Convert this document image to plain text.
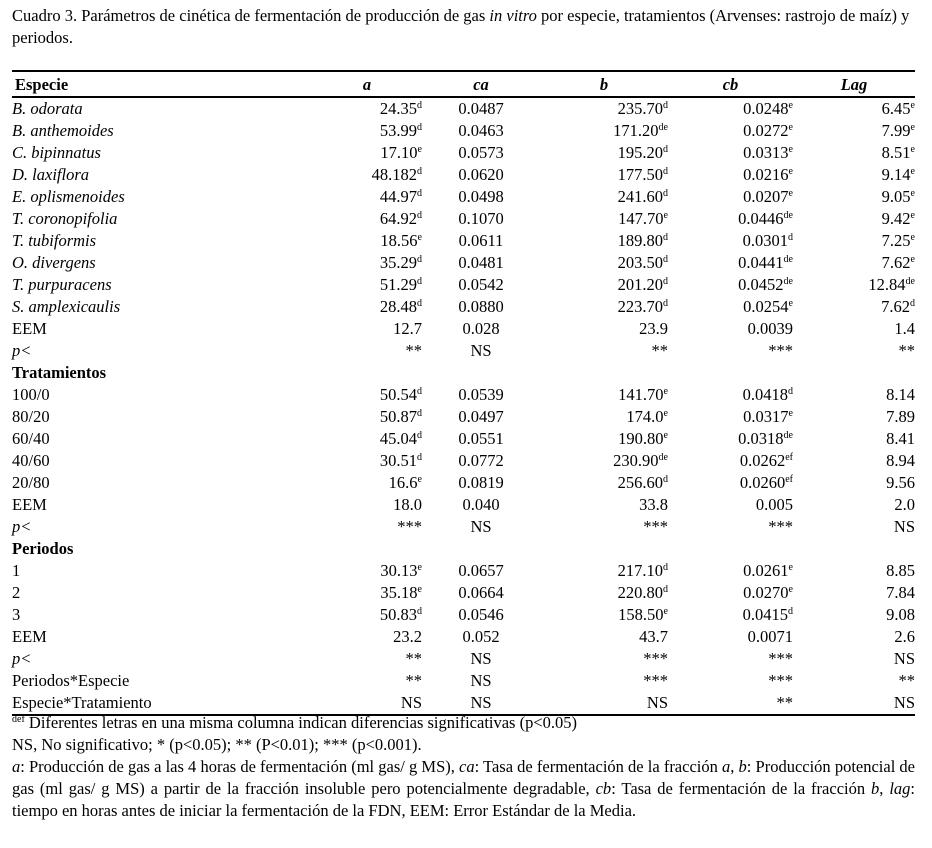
Cuadro 3. Parámetros de cinética de fermentación de producción de gas in vitro por especie, tratamientos (Arvenses: rastrojo de maíz) y periodos.
Especie	a	ca	b	cb	Lag
B. odorata	24.35$^d$	0.0487	235.70$^d$	0.0248e	6.45e
B. anthemoides	53.99$^d$	0.0463	171.20de	0.0272e	7.99e
C. bipinnatus	17.10e	0.0573	195.20$^d$	0.0313e	8.51e
D. laxiflora	48.182$^d$	0.0620	177.50$^d$	0.0216e	9.14e
E. oplismenoides	44.97$^d$	0.0498	241.60$^d$	0.0207e	9.05e
T. coronopifolia	64.92$^d$	0.1070	147.70e	0.0446de	9.42e
T. tubiformis	18.56e	0.0611	189.80$^d$	0.0301$^d$	7.25e
O. divergens	35.29$^d$	0.0481	203.50$^d$	0.0441de	7.62e
T. purpuracens	51.29$^d$	0.0542	201.20$^d$	0.0452de	12.84de
S. amplexicaulis	28.48$^d$	0.0880	223.70$^d$	0.0254e	7.62$^d$
EEM	12.7	0.028	23.9	0.0039	1.4
p<	**	NS	**	***	**
Tratamientos					
100/0	50.54$^d$	0.0539	141.70e	0.0418$^d$	8.14
80/20	50.87$^d$	0.0497	174.0e	0.0317e	7.89
60/40	45.04$^d$	0.0551	190.80e	0.0318de	8.41
40/60	30.51$^d$	0.0772	230.90de	0.0262$^{ef}$	8.94
20/80	16.6e	0.0819	256.60$^d$	0.0260$^{ef}$	9.56
EEM	18.0	0.040	33.8	0.005	2.0
p<	***	NS	***	***	NS
Periodos					
1	30.13e	0.0657	217.10$^d$	0.0261e	8.85
2	35.18e	0.0664	220.80$^d$	0.0270e	7.84
3	50.83$^d$	0.0546	158.50e	0.0415$^d$	9.08
EEM	23.2	0.052	43.7	0.0071	2.6
p<	**	NS	***	***	NS
Periodos*Especie	**	NS	***	***	**
Especie*Tratamiento	NS	NS	NS	**	NS

$^{def}$ Diferentes letras en una misma columna indican diferencias significativas (p<0.05)

NS, No significativo; * (p<0.05); ** (P<0.01); *** (p<0.001).

a: Producción de gas a las 4 horas de fermentación (ml gas/ g MS), ca: Tasa de fermentación de la fracción a, b: Producción potencial de gas (ml gas/ g MS) a partir de la fracción insoluble pero potencialmente degradable, cb: Tasa de fermentación de la fracción b, lag: tiempo en horas antes de iniciar la fermentación de la FDN, EEM: Error Estándar de la Media.
